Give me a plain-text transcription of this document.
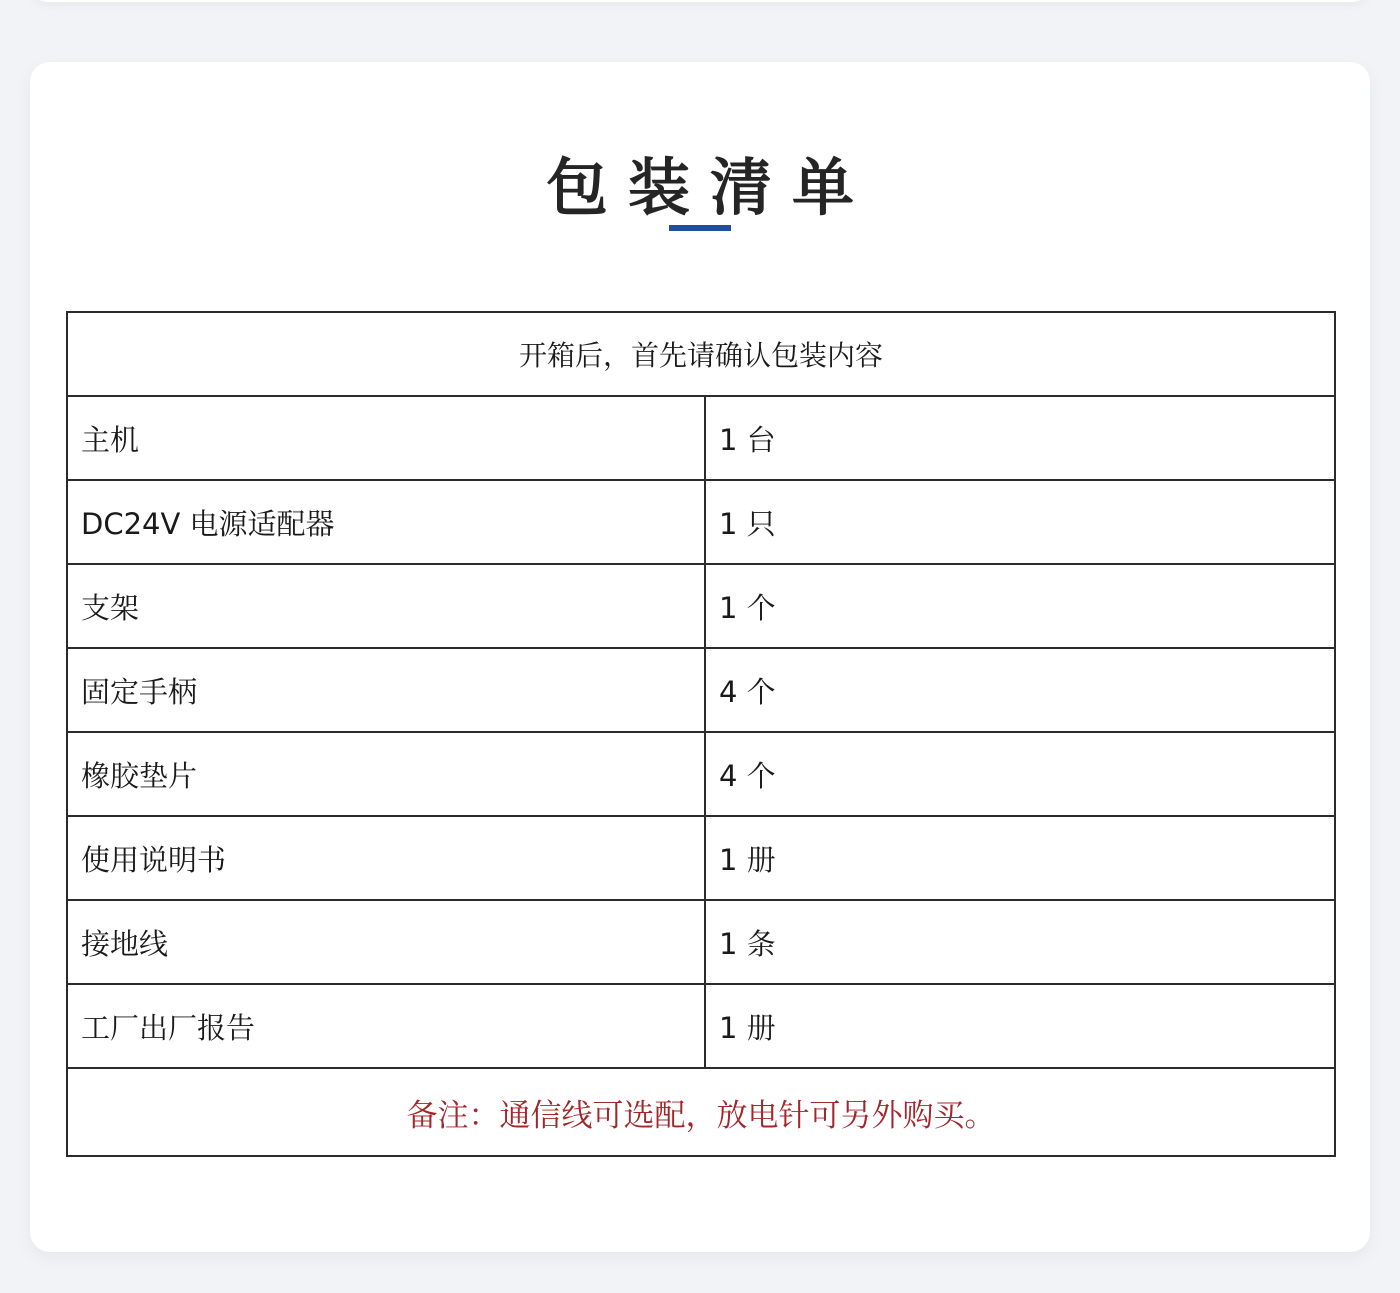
包装清单
开箱后，首先请确认包装内容	
主机	1 台
DC24V 电源适配器	1 只
支架	1 个
固定手柄	4 个
橡胶垫片	4 个
使用说明书	1 册
接地线	1 条
工厂出厂报告	1 册
备注：通信线可选配，放电针可另外购买。	
